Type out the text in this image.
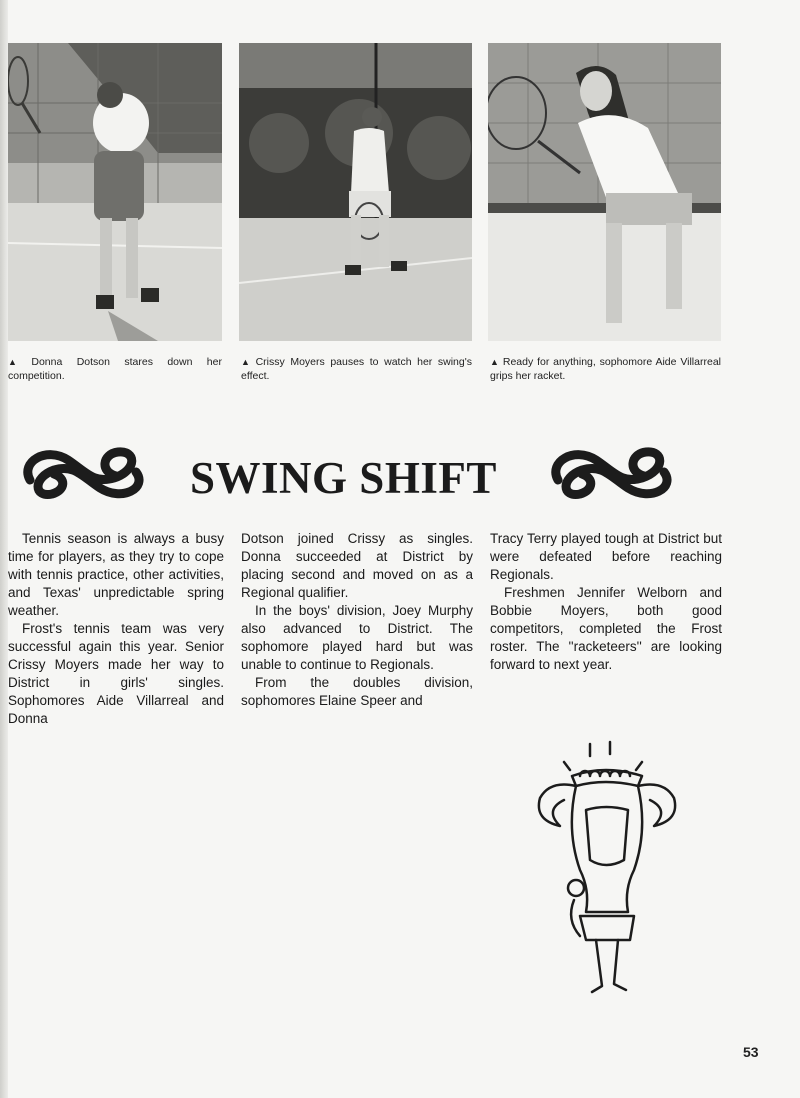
▲ Donna Dotson stares down her competition.
▲ Crissy Moyers pauses to watch her swing's effect.
▲ Ready for anything, sophomore Aide Villarreal grips her racket.
SWING SHIFT

Tennis season is always a busy time for players, as they try to cope with tennis practice, other activities, and Texas' unpredictable spring weather.

Frost's tennis team was very successful again this year. Senior Crissy Moyers made her way to District in girls' singles. Sophomores Aide Villarreal and Donna

Dotson joined Crissy as singles. Donna succeeded at District by placing second and moved on as a Regional qualifier.

In the boys' division, Joey Murphy also advanced to District. The sophomore played hard but was unable to continue to Regionals.

From the doubles division, sophomores Elaine Speer and

Tracy Terry played tough at District but were defeated before reaching Regionals.

Freshmen Jennifer Welborn and Bobbie Moyers, both good competitors, completed the Frost roster. The ''racketeers'' are looking forward to next year.

53
